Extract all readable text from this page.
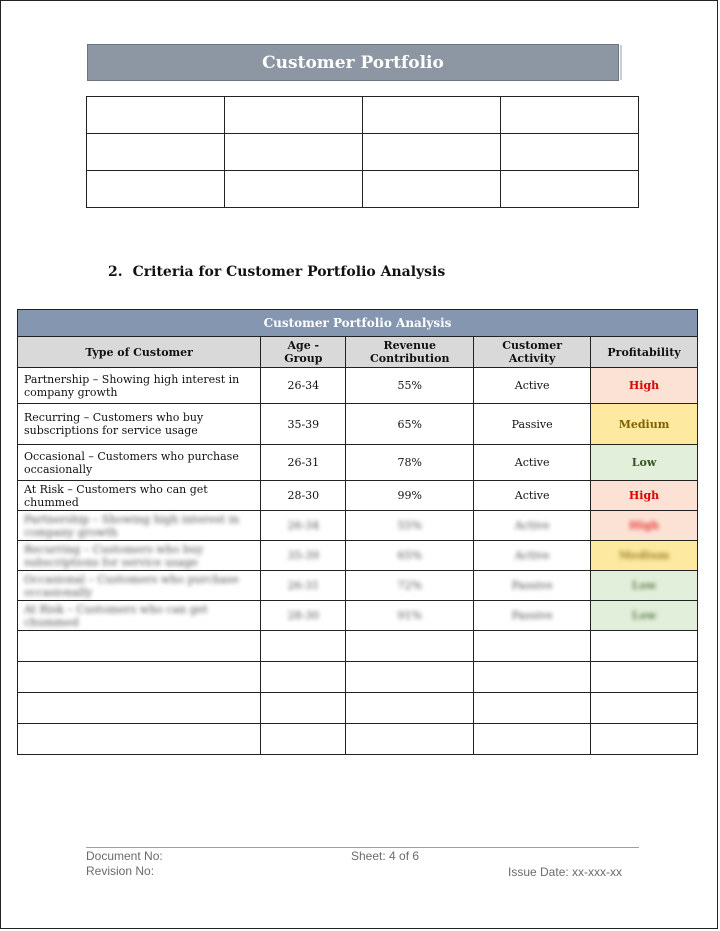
Customer Portfolio

2. Criteria for Customer Portfolio Analysis
Customer Portfolio Analysis				
Type of Customer	Age - Group	Revenue Contribution	Customer Activity	Profitability
Partnership – Showing high interest in company growth	26-34	55%	Active	High
Recurring – Customers who buy subscriptions for service usage	35-39	65%	Passive	Medium
Occasional – Customers who purchase occasionally	26-31	78%	Active	Low
At Risk – Customers who can get chummed	28-30	99%	Active	High
Partnership – Showing high interest in company growth	26-34	55%	Active	High
Recurring – Customers who buy subscriptions for service usage	35-39	65%	Active	Medium
Occasional – Customers who purchase occasionally	26-31	72%	Passive	Low
At Risk – Customers who can get chummed	28-30	91%	Passive	Low

Document No:
Revision No:
Sheet: 4 of 6
Issue Date: xx-xxx-xx
